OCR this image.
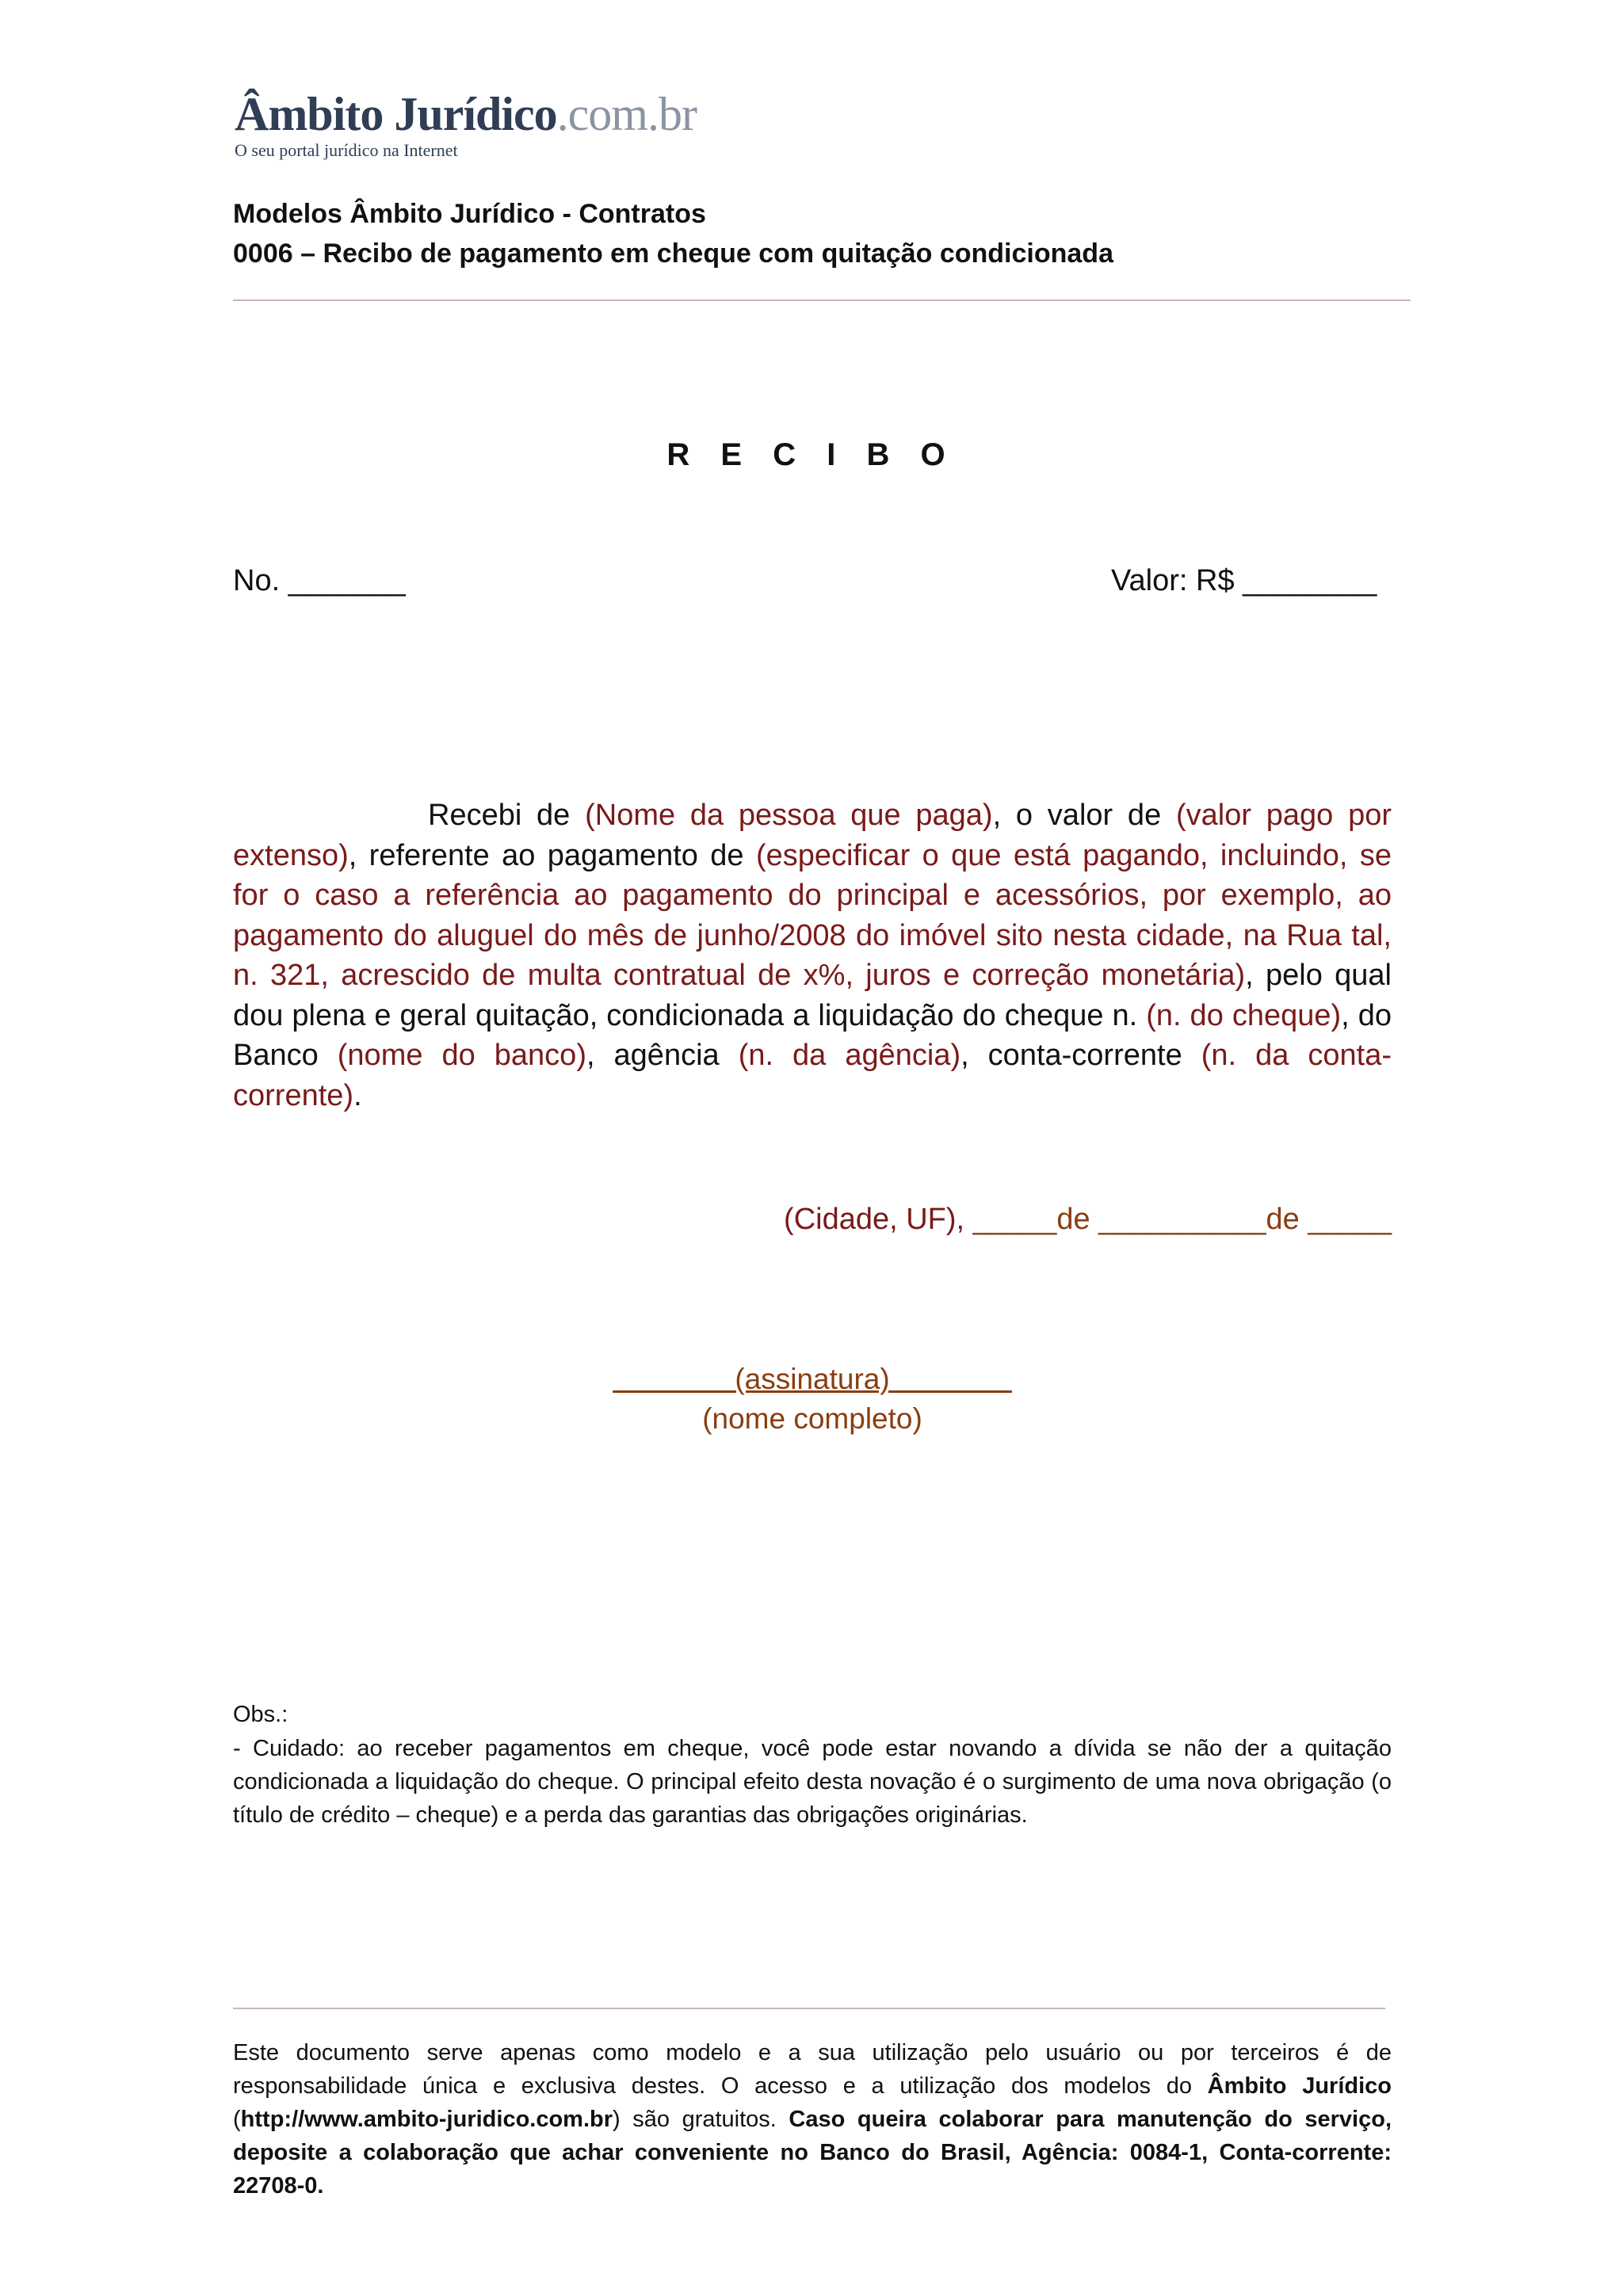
Âmbito Jurídico.com.br
O seu portal jurídico na Internet
Modelos Âmbito Jurídico - Contratos
0006 – Recibo de pagamento em cheque com quitação condicionada
R E C I B O
No. _______	Valor: R$ ________
Recebi de (Nome da pessoa que paga), o valor de (valor pago por extenso), referente ao pagamento de (especificar o que está pagando, incluindo, se for o caso a referência ao pagamento do principal e acessórios, por exemplo, ao pagamento do aluguel do mês de junho/2008 do imóvel sito nesta cidade, na Rua tal, n. 321, acrescido de multa contratual de x%, juros e correção monetária), pelo qual dou plena e geral quitação, condicionada a liquidação do cheque n. (n. do cheque), do Banco (nome do banco), agência (n. da agência), conta-corrente (n. da conta-corrente).
(Cidade, UF), _____de __________de _____
(assinatura)
(nome completo)
Obs.:
- Cuidado: ao receber pagamentos em cheque, você pode estar novando a dívida se não der a quitação condicionada a liquidação do cheque. O principal efeito desta novação é o surgimento de uma nova obrigação (o título de crédito – cheque) e a perda das garantias das obrigações originárias.
Este documento serve apenas como modelo e a sua utilização pelo usuário ou por terceiros é de responsabilidade única e exclusiva destes. O acesso e a utilização dos modelos do Âmbito Jurídico (http://www.ambito-juridico.com.br) são gratuitos. Caso queira colaborar para manutenção do serviço, deposite a colaboração que achar conveniente no Banco do Brasil, Agência: 0084-1, Conta-corrente: 22708-0.
